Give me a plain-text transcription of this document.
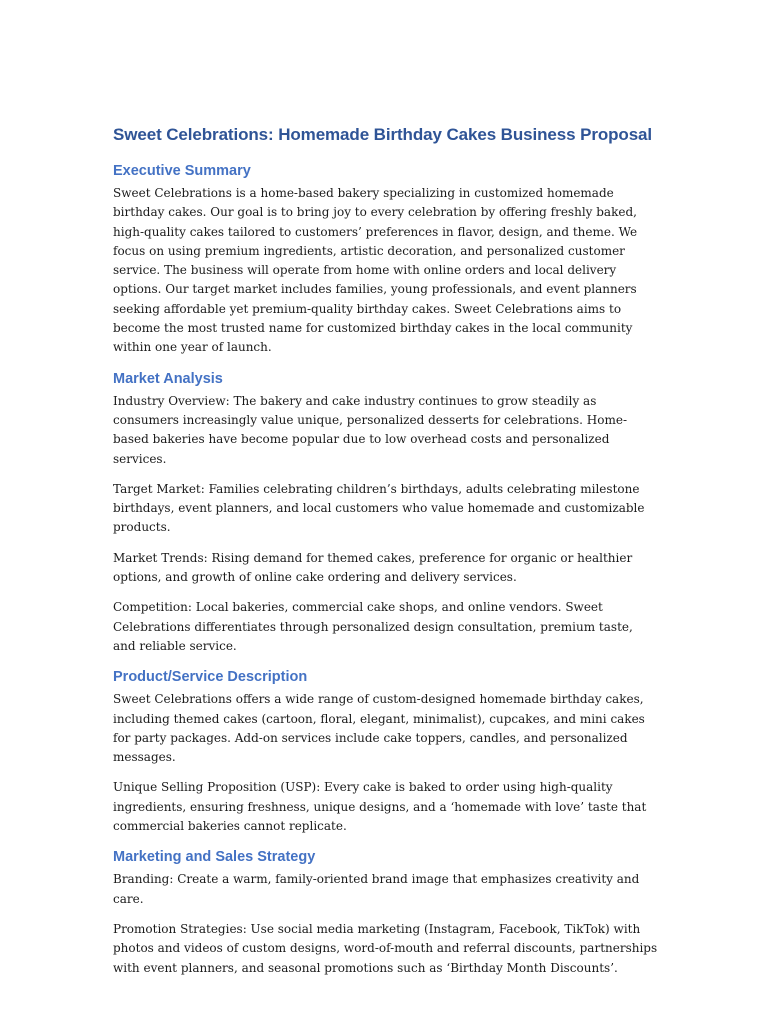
Sweet Celebrations: Homemade Birthday Cakes Business Proposal
Executive Summary

Sweet Celebrations is a home-based bakery specializing in customized homemade birthday cakes. Our goal is to bring joy to every celebration by offering freshly baked, high-quality cakes tailored to customers’ preferences in flavor, design, and theme. We focus on using premium ingredients, artistic decoration, and personalized customer service. The business will operate from home with online orders and local delivery options. Our target market includes families, young professionals, and event planners seeking affordable yet premium-quality birthday cakes. Sweet Celebrations aims to become the most trusted name for customized birthday cakes in the local community within one year of launch.

Market Analysis

Industry Overview: The bakery and cake industry continues to grow steadily as consumers increasingly value unique, personalized desserts for celebrations. Home-based bakeries have become popular due to low overhead costs and personalized services.

Target Market: Families celebrating children’s birthdays, adults celebrating milestone birthdays, event planners, and local customers who value homemade and customizable products.

Market Trends: Rising demand for themed cakes, preference for organic or healthier options, and growth of online cake ordering and delivery services.

Competition: Local bakeries, commercial cake shops, and online vendors. Sweet Celebrations differentiates through personalized design consultation, premium taste, and reliable service.

Product/Service Description

Sweet Celebrations offers a wide range of custom-designed homemade birthday cakes, including themed cakes (cartoon, floral, elegant, minimalist), cupcakes, and mini cakes for party packages. Add-on services include cake toppers, candles, and personalized messages.

Unique Selling Proposition (USP): Every cake is baked to order using high-quality ingredients, ensuring freshness, unique designs, and a ‘homemade with love’ taste that commercial bakeries cannot replicate.

Marketing and Sales Strategy

Branding: Create a warm, family-oriented brand image that emphasizes creativity and care.

Promotion Strategies: Use social media marketing (Instagram, Facebook, TikTok) with photos and videos of custom designs, word-of-mouth and referral discounts, partnerships with event planners, and seasonal promotions such as ‘Birthday Month Discounts’.
